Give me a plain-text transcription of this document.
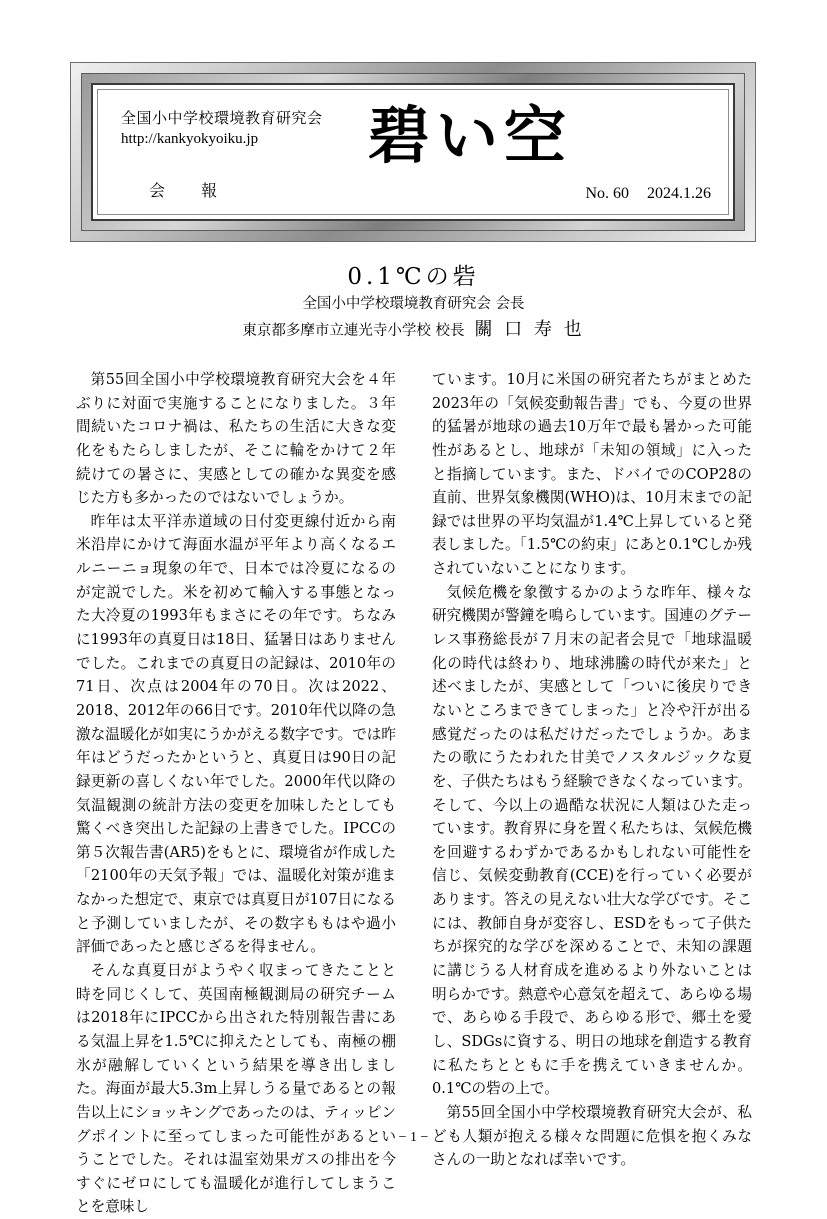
全国小中学校環境教育研究会
http://kankyokyoiku.jp
会　報
碧い空
No. 60 2024.1.26
0.1℃の砦
全国小中学校環境教育研究会 会長
東京都多摩市立連光寺小学校 校長 關 口 寿 也

第55回全国小中学校環境教育研究大会を４年ぶりに対面で実施することになりました。３年間続いたコロナ禍は、私たちの生活に大きな変化をもたらしましたが、そこに輪をかけて２年続けての暑さに、実感としての確かな異変を感じた方も多かったのではないでしょうか。

昨年は太平洋赤道域の日付変更線付近から南米沿岸にかけて海面水温が平年より高くなるエルニーニョ現象の年で、日本では冷夏になるのが定説でした。米を初めて輸入する事態となった大冷夏の1993年もまさにその年です。ちなみに1993年の真夏日は18日、猛暑日はありませんでした。これまでの真夏日の記録は、2010年の71日、次点は2004年の70日。次は2022、2018、2012年の66日です。2010年代以降の急激な温暖化が如実にうかがえる数字です。では昨年はどうだったかというと、真夏日は90日の記録更新の喜しくない年でした。2000年代以降の気温観測の統計方法の変更を加味したとしても驚くべき突出した記録の上書きでした。IPCCの第５次報告書(AR5)をもとに、環境省が作成した「2100年の天気予報」では、温暖化対策が進まなかった想定で、東京では真夏日が107日になると予測していましたが、その数字ももはや過小評価であったと感じざるを得ません。

そんな真夏日がようやく収まってきたことと時を同じくして、英国南極観測局の研究チームは2018年にIPCCから出された特別報告書にある気温上昇を1.5℃に抑えたとしても、南極の棚氷が融解していくという結果を導き出しました。海面が最大5.3m上昇しうる量であるとの報告以上にショッキングであったのは、ティッピングポイントに至ってしまった可能性があるということでした。それは温室効果ガスの排出を今すぐにゼロにしても温暖化が進行してしまうことを意味し

ています。10月に米国の研究者たちがまとめた2023年の「気候変動報告書」でも、今夏の世界的猛暑が地球の過去10万年で最も暑かった可能性があるとし、地球が「未知の領域」に入ったと指摘しています。また、ドバイでのCOP28の直前、世界気象機関(WHO)は、10月末までの記録では世界の平均気温が1.4℃上昇していると発表しました。「1.5℃の約束」にあと0.1℃しか残されていないことになります。

気候危機を象徴するかのような昨年、様々な研究機関が警鐘を鳴らしています。国連のグテーレス事務総長が７月末の記者会見で「地球温暖化の時代は終わり、地球沸騰の時代が来た」と述べましたが、実感として「ついに後戻りできないところまできてしまった」と冷や汗が出る感覚だったのは私だけだったでしょうか。あまたの歌にうたわれた甘美でノスタルジックな夏を、子供たちはもう経験できなくなっています。そして、今以上の過酷な状況に人類はひた走っています。教育界に身を置く私たちは、気候危機を回避するわずかであるかもしれない可能性を信じ、気候変動教育(CCE)を行っていく必要があります。答えの見えない壮大な学びです。そこには、教師自身が変容し、ESDをもって子供たちが探究的な学びを深めることで、未知の課題に講じうる人材育成を進めるより外ないことは明らかです。熱意や心意気を超えて、あらゆる場で、あらゆる手段で、あらゆる形で、郷土を愛し、SDGsに資する、明日の地球を創造する教育に私たちとともに手を携えていきませんか。0.1℃の砦の上で。

第55回全国小中学校環境教育研究大会が、私ども人類が抱える様々な問題に危惧を抱くみなさんの一助となれば幸いです。

− 1 −
